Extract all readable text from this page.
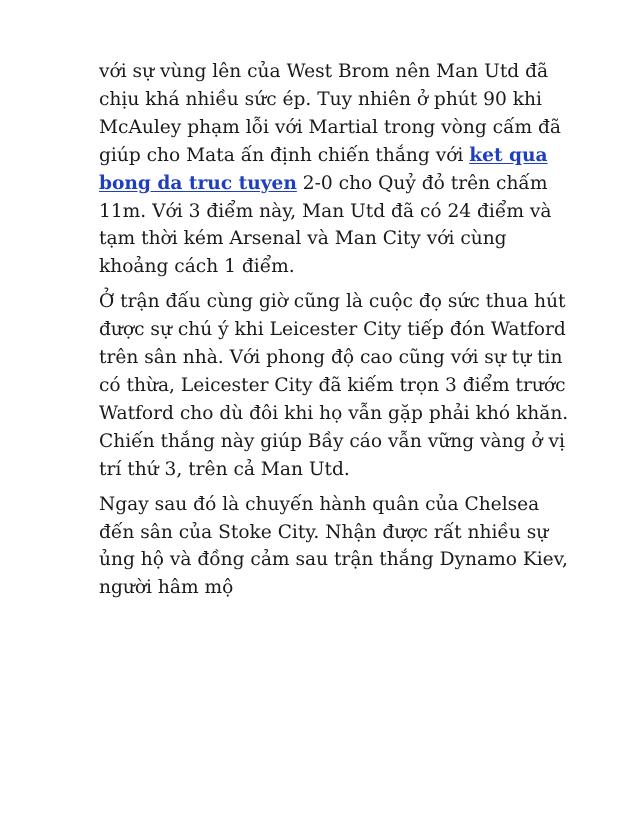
với sự vùng lên của West Brom nên Man Utd đã chịu khá nhiều sức ép. Tuy nhiên ở phút 90 khi McAuley phạm lỗi với Martial trong vòng cấm đã giúp cho Mata ấn định chiến thắng với ket qua bong da truc tuyen 2-0 cho Quỷ đỏ trên chấm 11m. Với 3 điểm này, Man Utd đã có 24 điểm và tạm thời kém Arsenal và Man City với cùng khoảng cách 1 điểm.

Ở trận đấu cùng giờ cũng là cuộc đọ sức thua hút được sự chú ý khi Leicester City tiếp đón Watford trên sân nhà. Với phong độ cao cũng với sự tự tin có thừa, Leicester City đã kiếm trọn 3 điểm trước Watford cho dù đôi khi họ vẫn gặp phải khó khăn. Chiến thắng này giúp Bầy cáo vẫn vững vàng ở vị trí thứ 3, trên cả Man Utd.

Ngay sau đó là chuyến hành quân của Chelsea đến sân của Stoke City. Nhận được rất nhiều sự ủng hộ và đồng cảm sau trận thắng Dynamo Kiev, người hâm mộ
